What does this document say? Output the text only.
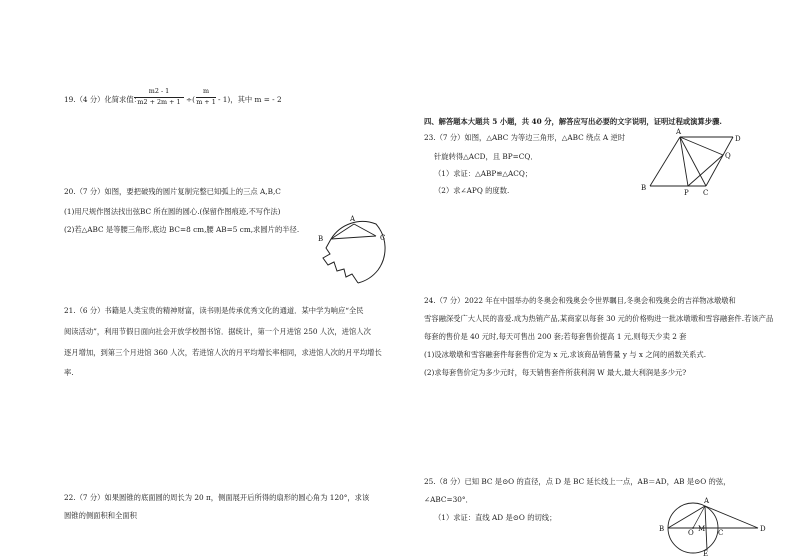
19.（4 分）化简求值：
m2 - 1
m2 + 2m + 1 ÷(
m
m + 1 - 1)，其中 m = - 2
20.（7 分）如图，要把破残的圆片复制完整已知弧上的三点 A,B,C
(1)用尺规作图法找出弦BC 所在圆的圆心.(保留作图痕迹,不写作法)
(2)若△ABC 是等腰三角形,底边 BC=8 cm,腰 AB=5 cm,求圆片的半径.
A
B	C
21.（6 分）书籍是人类宝贵的精神财富，读书则是传承优秀文化的通道．某中学为响应“全民
阅读活动”，利用节假日面向社会开放学校图书馆．据统计，第一个月进馆 250 人次，进馆人次
逐月增加，到第三个月进馆 360 人次，若进馆人次的月平均增长率相同，求进馆人次的月平均增长
率.
22.（7 分）如果圆锥的底面圆的周长为 20 π，侧面展开后所得的扇形的圆心角为 120°，求该
圆锥的侧面积和全面积
四、解答题本大题共 5 小题，共 40 分，解答应写出必要的文字说明，证明过程或演算步骤.
23.（7 分）如图，△ABC 为等边三角形，△ABC 绕点 A 逆时
针旋转得△ACD，且 BP=CQ．
（1）求证：△ABP≌△ACQ；
（2）求∠APQ 的度数.
A
D
Q
B
P C
24.（7 分）2022 年在中国举办的冬奥会和残奥会令世界瞩目,冬奥会和残奥会的吉祥物冰墩墩和
雪容融深受广大人民的喜爱.成为热销产品,某商家以每套 30 元的价格购进一批冰墩墩和雪容融套件.若该产品
每套的售价是 40 元时,每天可售出 200 套;若每套售价提高 1 元,则每天少卖 2 套
(1)设冰墩墩和雪容融套件每套售价定为 x 元,求该商品销售量 y 与 x 之间的函数关系式.
(2)求每套售价定为多少元时，每天销售套件所获利润 W 最大,最大利润是多少元?
25.（8 分）已知 BC 是⊙O 的直径，点 D 是 BC 延长线上一点，AB＝AD，AB 是⊙O 的弦，
∠ABC=30°．
（1）求证：直线 AD 是⊙O 的切线；
A
B	O M C	D
E
